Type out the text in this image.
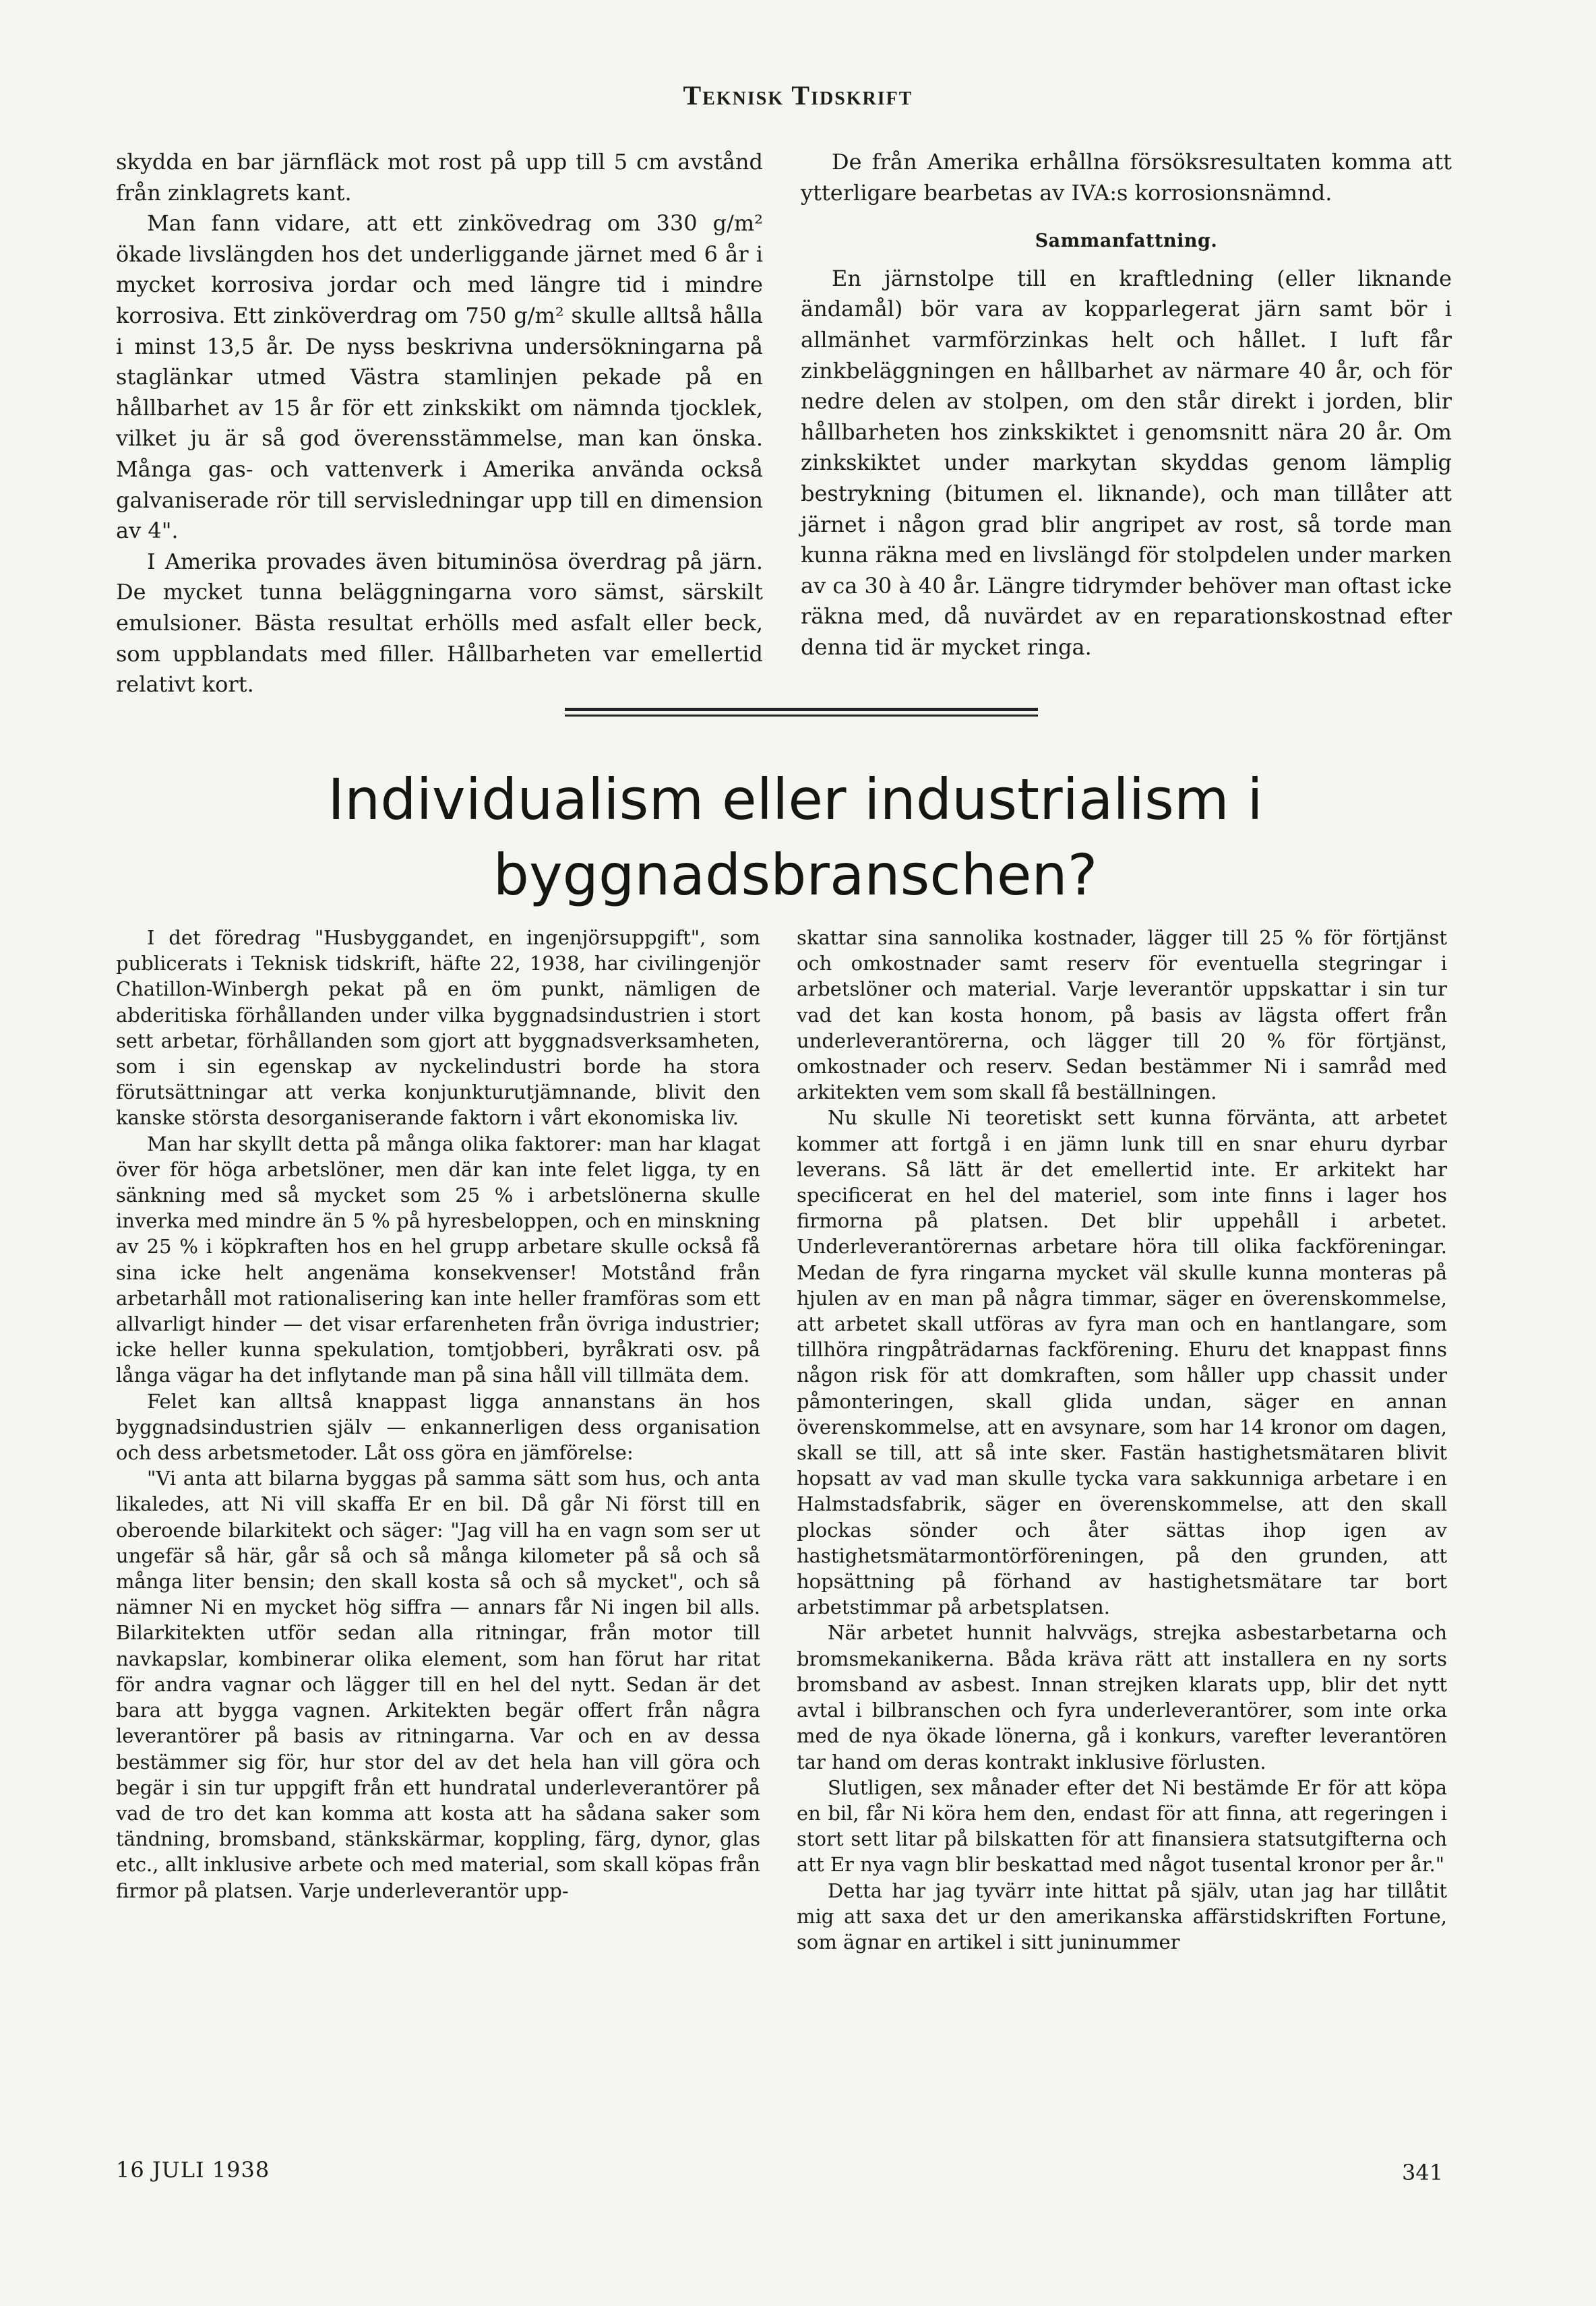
Teknisk Tidskrift

skydda en bar järnfläck mot rost på upp till 5 cm avstånd från zinklagrets kant.

Man fann vidare, att ett zinkövedrag om 330 g/m² ökade livslängden hos det underliggande järnet med 6 år i mycket korrosiva jordar och med längre tid i mindre korrosiva. Ett zinköverdrag om 750 g/m² skulle alltså hålla i minst 13,5 år. De nyss beskrivna undersökningarna på staglänkar utmed Västra stamlinjen pekade på en hållbarhet av 15 år för ett zinkskikt om nämnda tjocklek, vilket ju är så god överensstämmelse, man kan önska. Många gas- och vattenverk i Amerika använda också galvaniserade rör till servisledningar upp till en dimension av 4".

I Amerika provades även bituminösa överdrag på järn. De mycket tunna beläggningarna voro sämst, särskilt emulsioner. Bästa resultat erhölls med asfalt eller beck, som uppblandats med filler. Hållbarheten var emellertid relativt kort.

De från Amerika erhållna försöksresultaten komma att ytterligare bearbetas av IVA:s korrosionsnämnd.

Sammanfattning.

En järnstolpe till en kraftledning (eller liknande ändamål) bör vara av kopparlegerat järn samt bör i allmänhet varmförzinkas helt och hållet. I luft får zinkbeläggningen en hållbarhet av närmare 40 år, och för nedre delen av stolpen, om den står direkt i jorden, blir hållbarheten hos zinkskiktet i genomsnitt nära 20 år. Om zinkskiktet under markytan skyddas genom lämplig bestrykning (bitumen el. liknande), och man tillåter att järnet i någon grad blir angripet av rost, så torde man kunna räkna med en livslängd för stolpdelen under marken av ca 30 à 40 år. Längre tidrymder behöver man oftast icke räkna med, då nuvärdet av en reparationskostnad efter denna tid är mycket ringa.

Individualism eller industrialism i byggnadsbranschen?

I det föredrag "Husbyggandet, en ingenjörsuppgift", som publicerats i Teknisk tidskrift, häfte 22, 1938, har civilingenjör Chatillon-Winbergh pekat på en öm punkt, nämligen de abderitiska förhållanden under vilka byggnadsindustrien i stort sett arbetar, förhållanden som gjort att byggnadsverksamheten, som i sin egenskap av nyckelindustri borde ha stora förutsättningar att verka konjunkturutjämnande, blivit den kanske största desorganiserande faktorn i vårt ekonomiska liv.

Man har skyllt detta på många olika faktorer: man har klagat över för höga arbetslöner, men där kan inte felet ligga, ty en sänkning med så mycket som 25 % i arbetslönerna skulle inverka med mindre än 5 % på hyresbeloppen, och en minskning av 25 % i köpkraften hos en hel grupp arbetare skulle också få sina icke helt angenäma konsekvenser! Motstånd från arbetarhåll mot rationalisering kan inte heller framföras som ett allvarligt hinder — det visar erfarenheten från övriga industrier; icke heller kunna spekulation, tomtjobberi, byråkrati osv. på långa vägar ha det inflytande man på sina håll vill tillmäta dem.

Felet kan alltså knappast ligga annanstans än hos byggnadsindustrien själv — enkannerligen dess organisation och dess arbetsmetoder. Låt oss göra en jämförelse:

"Vi anta att bilarna byggas på samma sätt som hus, och anta likaledes, att Ni vill skaffa Er en bil. Då går Ni först till en oberoende bilarkitekt och säger: "Jag vill ha en vagn som ser ut ungefär så här, går så och så många kilometer på så och så många liter bensin; den skall kosta så och så mycket", och så nämner Ni en mycket hög siffra — annars får Ni ingen bil alls. Bilarkitekten utför sedan alla ritningar, från motor till navkapslar, kombinerar olika element, som han förut har ritat för andra vagnar och lägger till en hel del nytt. Sedan är det bara att bygga vagnen. Arkitekten begär offert från några leverantörer på basis av ritningarna. Var och en av dessa bestämmer sig för, hur stor del av det hela han vill göra och begär i sin tur uppgift från ett hundratal underleverantörer på vad de tro det kan komma att kosta att ha sådana saker som tändning, bromsband, stänkskärmar, koppling, färg, dynor, glas etc., allt inklusive arbete och med material, som skall köpas från firmor på platsen. Varje underleverantör upp-

skattar sina sannolika kostnader, lägger till 25 % för förtjänst och omkostnader samt reserv för eventuella stegringar i arbetslöner och material. Varje leverantör uppskattar i sin tur vad det kan kosta honom, på basis av lägsta offert från underleverantörerna, och lägger till 20 % för förtjänst, omkostnader och reserv. Sedan bestämmer Ni i samråd med arkitekten vem som skall få beställningen.

Nu skulle Ni teoretiskt sett kunna förvänta, att arbetet kommer att fortgå i en jämn lunk till en snar ehuru dyrbar leverans. Så lätt är det emellertid inte. Er arkitekt har specificerat en hel del materiel, som inte finns i lager hos firmorna på platsen. Det blir uppehåll i arbetet. Underleverantörernas arbetare höra till olika fackföreningar. Medan de fyra ringarna mycket väl skulle kunna monteras på hjulen av en man på några timmar, säger en överenskommelse, att arbetet skall utföras av fyra man och en hantlangare, som tillhöra ringpåträdarnas fackförening. Ehuru det knappast finns någon risk för att domkraften, som håller upp chassit under påmonteringen, skall glida undan, säger en annan överenskommelse, att en avsynare, som har 14 kronor om dagen, skall se till, att så inte sker. Fastän hastighetsmätaren blivit hopsatt av vad man skulle tycka vara sakkunniga arbetare i en Halmstadsfabrik, säger en överenskommelse, att den skall plockas sönder och åter sättas ihop igen av hastighetsmätarmontörföreningen, på den grunden, att hopsättning på förhand av hastighetsmätare tar bort arbetstimmar på arbetsplatsen.

När arbetet hunnit halvvägs, strejka asbestarbetarna och bromsmekanikerna. Båda kräva rätt att installera en ny sorts bromsband av asbest. Innan strejken klarats upp, blir det nytt avtal i bilbranschen och fyra underleverantörer, som inte orka med de nya ökade lönerna, gå i konkurs, varefter leverantören tar hand om deras kontrakt inklusive förlusten.

Slutligen, sex månader efter det Ni bestämde Er för att köpa en bil, får Ni köra hem den, endast för att finna, att regeringen i stort sett litar på bilskatten för att finansiera statsutgifterna och att Er nya vagn blir beskattad med något tusental kronor per år."

Detta har jag tyvärr inte hittat på själv, utan jag har tillåtit mig att saxa det ur den amerikanska affärstidskriften Fortune, som ägnar en artikel i sitt juninummer

16 JULI 1938	341
